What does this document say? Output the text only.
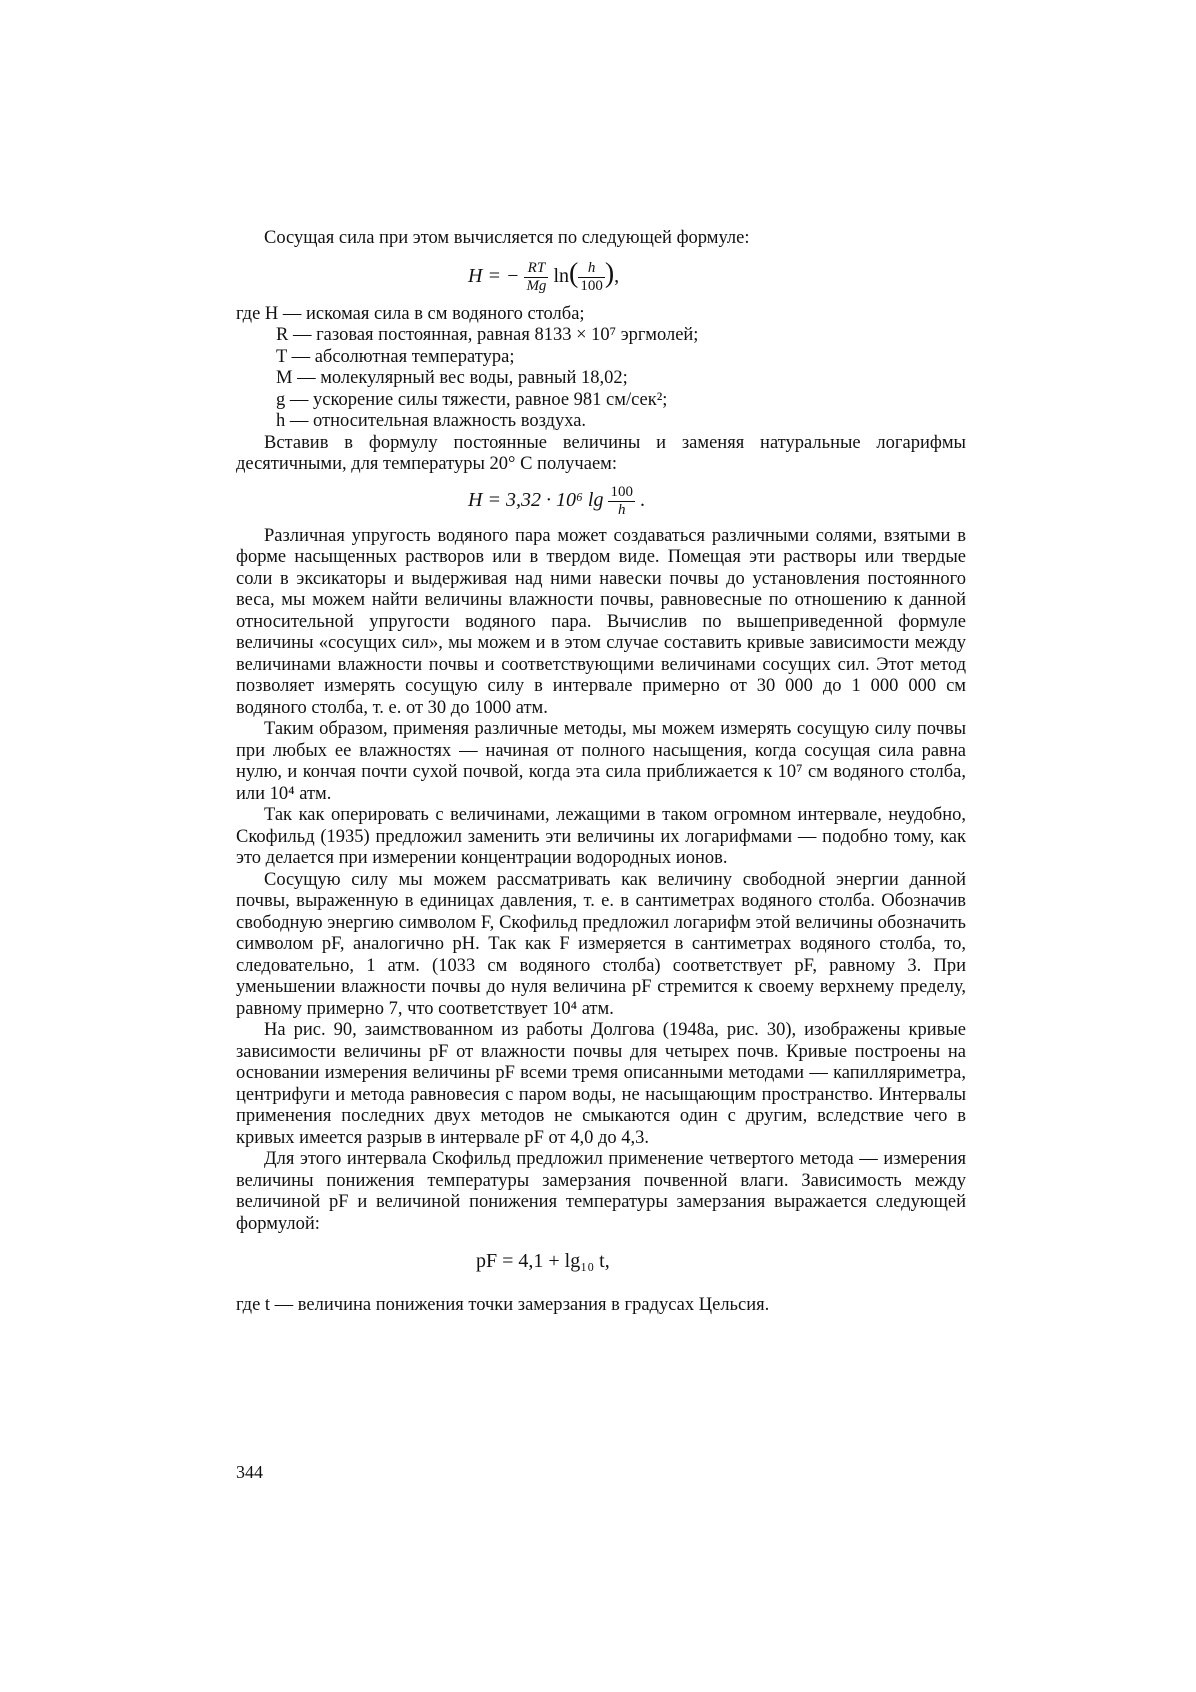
Сосущая сила при этом вычисляется по следующей формуле:

H = − $\frac{RT}{Mg} \ln( \frac{h}{100}$ ),
где H — искомая сила в см водяного столба;
R — газовая постоянная, равная 8133 × 10⁷ эргмолей;
T — абсолютная температура;
M — молекулярный вес воды, равный 18,02;
g — ускорение силы тяжести, равное 981 см/сек²;
h — относительная влажность воздуха.

Вставив в формулу постоянные величины и заменяя натуральные логарифмы десятичными, для температуры 20° С получаем:

H = 3,32 · 10⁶ $\lg \frac{100}{h}$ .

Различная упругость водяного пара может создаваться различными солями, взятыми в форме насыщенных растворов или в твердом виде. Помещая эти растворы или твердые соли в эксикаторы и выдерживая над ними навески почвы до установления постоянного веса, мы можем найти величины влажности почвы, равновесные по отношению к данной относительной упругости водяного пара. Вычислив по вышеприведенной формуле величины «сосущих сил», мы можем и в этом случае составить кривые зависимости между величинами влажности почвы и соответствующими величинами сосущих сил. Этот метод позволяет измерять сосущую силу в интервале примерно от 30 000 до 1 000 000 см водяного столба, т. е. от 30 до 1000 атм.

Таким образом, применяя различные методы, мы можем измерять сосущую силу почвы при любых ее влажностях — начиная от полного насыщения, когда сосущая сила равна нулю, и кончая почти сухой почвой, когда эта сила приближается к 10⁷ см водяного столба, или 10⁴ атм.

Так как оперировать с величинами, лежащими в таком огромном интервале, неудобно, Скофильд (1935) предложил заменить эти величины их логарифмами — подобно тому, как это делается при измерении концентрации водородных ионов.

Сосущую силу мы можем рассматривать как величину свободной энергии данной почвы, выраженную в единицах давления, т. е. в сантиметрах водяного столба. Обозначив свободную энергию символом F, Скофильд предложил логарифм этой величины обозначить символом pF, аналогично pH. Так как F измеряется в сантиметрах водяного столба, то, следовательно, 1 атм. (1033 см водяного столба) соответствует pF, равному 3. При уменьшении влажности почвы до нуля величина pF стремится к своему верхнему пределу, равному примерно 7, что соответствует 10⁴ атм.

На рис. 90, заимствованном из работы Долгова (1948а, рис. 30), изображены кривые зависимости величины pF от влажности почвы для четырех почв. Кривые построены на основании измерения величины pF всеми тремя описанными методами — капилляриметра, центрифуги и метода равновесия с паром воды, не насыщающим пространство. Интервалы применения последних двух методов не смыкаются один с другим, вследствие чего в кривых имеется разрыв в интервале pF от 4,0 до 4,3.

Для этого интервала Скофильд предложил применение четвертого метода — измерения величины понижения температуры замерзания почвенной влаги. Зависимость между величиной pF и величиной понижения температуры замерзания выражается следующей формулой:

pF = 4,1 + lg₁₀ t,

где t — величина понижения точки замерзания в градусах Цельсия.

344
